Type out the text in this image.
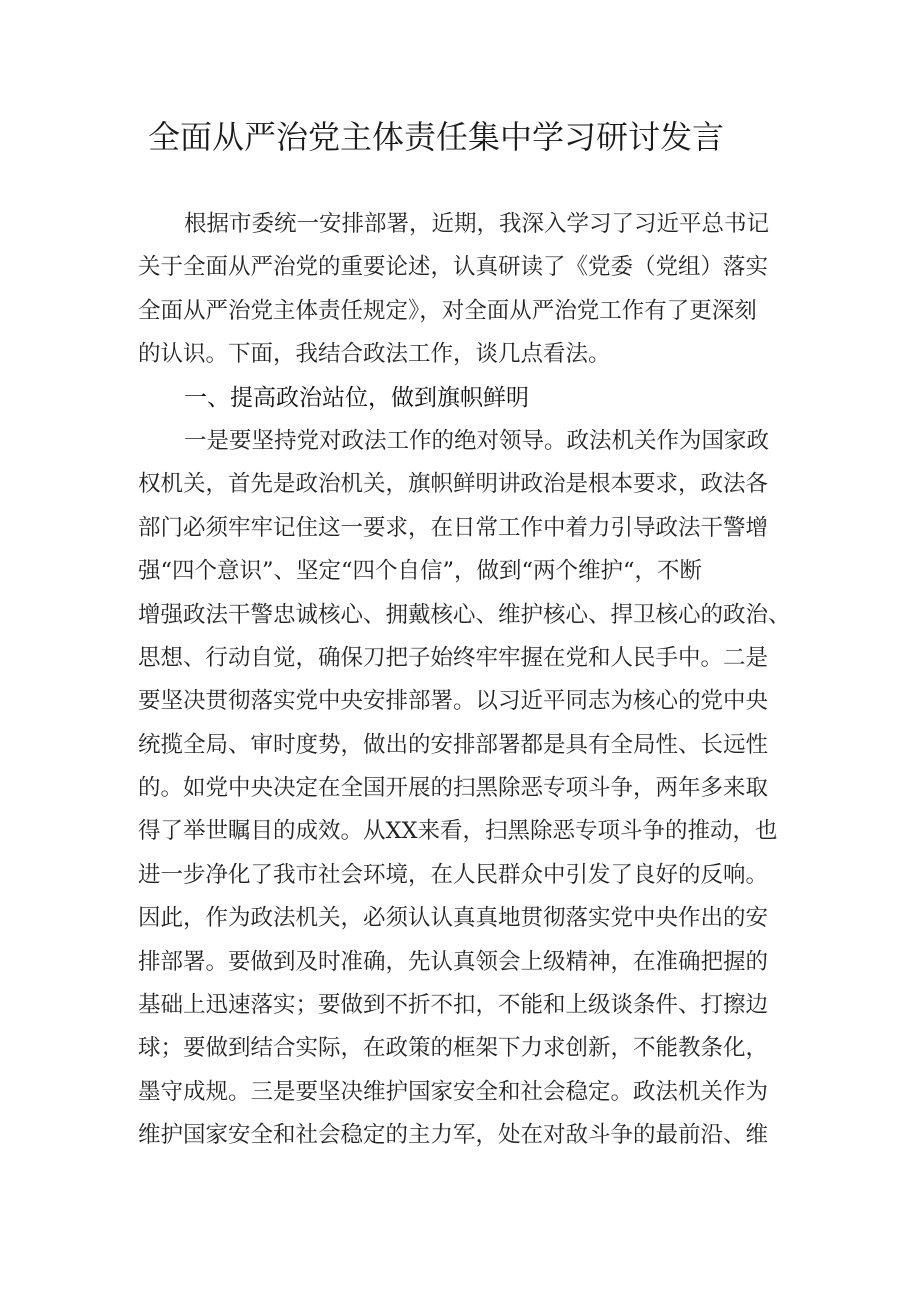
全面从严治党主体责任集中学习研讨发言

根据市委统一安排部署，近期，我深入学习了习近平总书记

关于全面从严治党的重要论述，认真研读了《党委（党组）落实

全面从严治党主体责任规定》，对全面从严治党工作有了更深刻

的认识。下面，我结合政法工作，谈几点看法。

一、提高政治站位，做到旗帜鲜明

一是要坚持党对政法工作的绝对领导。政法机关作为国家政

权机关，首先是政治机关，旗帜鲜明讲政治是根本要求，政法各

部门必须牢牢记住这一要求，在日常工作中着力引导政法干警增

强“四个意识”、坚定“四个自信”，做到“两个维护“，不断

增强政法干警忠诚核心、拥戴核心、维护核心、捍卫核心的政治、

思想、行动自觉，确保刀把子始终牢牢握在党和人民手中。二是

要坚决贯彻落实党中央安排部署。以习近平同志为核心的党中央

统揽全局、审时度势，做出的安排部署都是具有全局性、长远性

的。如党中央决定在全国开展的扫黑除恶专项斗争，两年多来取

得了举世瞩目的成效。从XX来看，扫黑除恶专项斗争的推动，也

进一步净化了我市社会环境，在人民群众中引发了良好的反响。

因此，作为政法机关，必须认认真真地贯彻落实党中央作出的安

排部署。要做到及时准确，先认真领会上级精神，在准确把握的

基础上迅速落实；要做到不折不扣，不能和上级谈条件、打擦边

球；要做到结合实际，在政策的框架下力求创新，不能教条化，

墨守成规。三是要坚决维护国家安全和社会稳定。政法机关作为

维护国家安全和社会稳定的主力军，处在对敌斗争的最前沿、维
